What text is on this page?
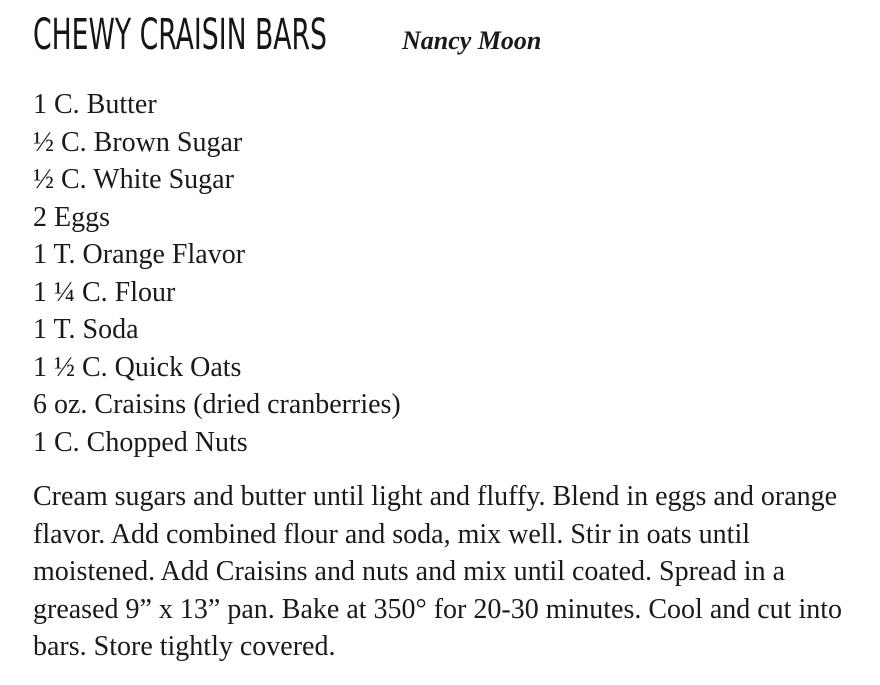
CHEWY CRAISIN BARS	Nancy Moon
1 C. Butter
½ C. Brown Sugar
½ C. White Sugar
2 Eggs
1 T. Orange Flavor
1 ¼ C. Flour
1 T. Soda
1 ½ C. Quick Oats
6 oz. Craisins (dried cranberries)
1 C. Chopped Nuts

Cream sugars and butter until light and fluffy. Blend in eggs and orange flavor. Add combined flour and soda, mix well. Stir in oats until moistened. Add Craisins and nuts and mix until coated. Spread in a greased 9” x 13” pan. Bake at 350° for 20-30 minutes. Cool and cut into bars. Store tightly covered.
